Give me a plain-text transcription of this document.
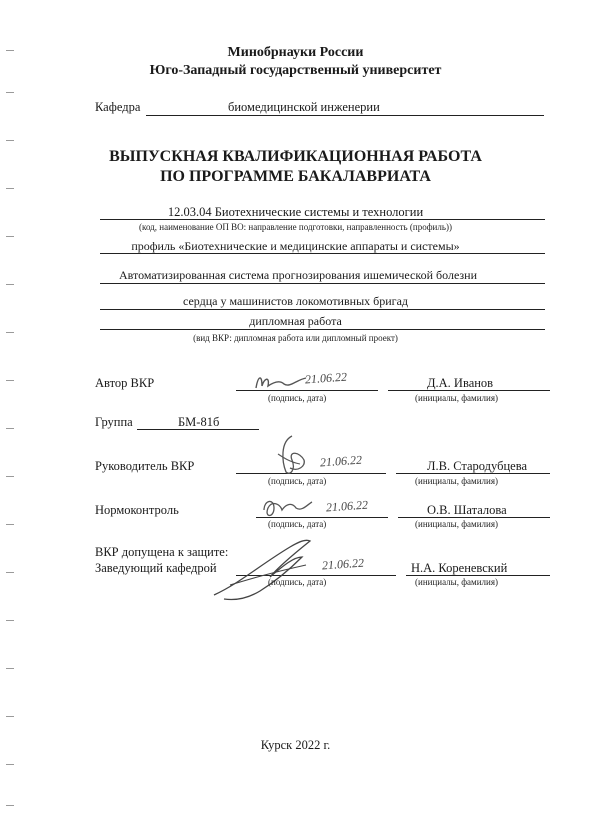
Минобрнауки России
Юго-Западный государственный университет
Кафедра	биомедицинской инженерии
ВЫПУСКНАЯ КВАЛИФИКАЦИОННАЯ РАБОТА
ПО ПРОГРАММЕ БАКАЛАВРИАТА
12.03.04 Биотехнические системы и технологии
(код, наименование ОП ВО: направление подготовки, направленность (профиль))
профиль «Биотехнические и медицинские аппараты и системы»
Автоматизированная система прогнозирования ишемической болезни
сердца у машинистов локомотивных бригад
дипломная работа
(вид ВКР: дипломная работа или дипломный проект)
Автор ВКР	21.06.22
(подпись, дата)
Д.А. Иванов
(инициалы, фамилия)
Группа	БМ-81б
Руководитель ВКР	21.06.22
(подпись, дата)
Л.В. Стародубцева
(инициалы, фамилия)
Нормоконтроль	21.06.22
(подпись, дата)
О.В. Шаталова
(инициалы, фамилия)
ВКР допущена к защите:
Заведующий кафедрой	21.06.22
(подпись, дата)
Н.А. Кореневский
(инициалы, фамилия)
Курск 2022 г.
